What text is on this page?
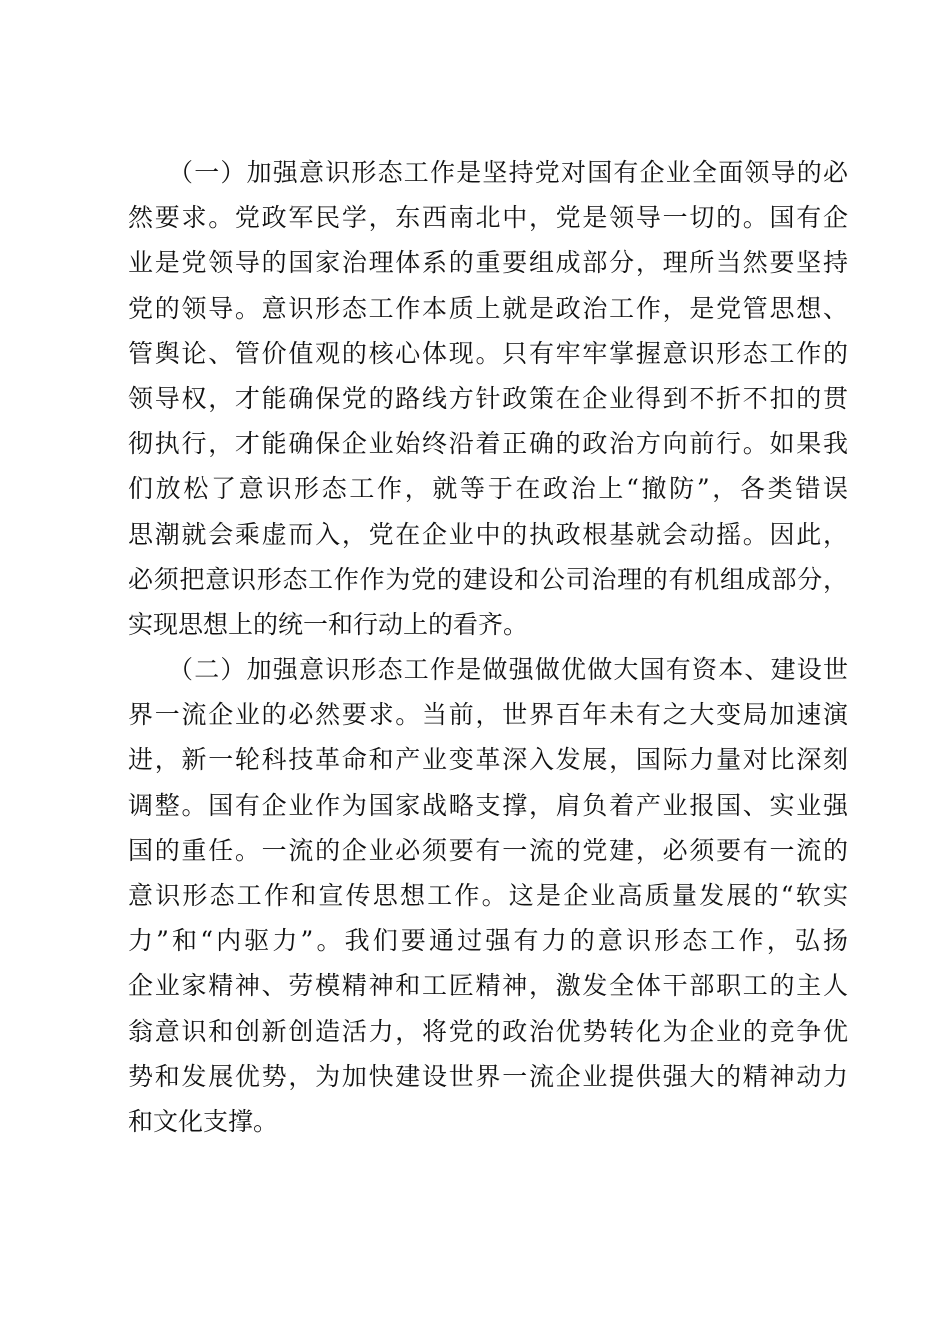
（一）加强意识形态工作是坚持党对国有企业全面领导的必
然要求。党政军民学，东西南北中，党是领导一切的。国有企
业是党领导的国家治理体系的重要组成部分，理所当然要坚持
党的领导。意识形态工作本质上就是政治工作，是党管思想、
管舆论、管价值观的核心体现。只有牢牢掌握意识形态工作的
领导权，才能确保党的路线方针政策在企业得到不折不扣的贯
彻执行，才能确保企业始终沿着正确的政治方向前行。如果我
们放松了意识形态工作，就等于在政治上“撤防”，各类错误
思潮就会乘虚而入，党在企业中的执政根基就会动摇。因此，
必须把意识形态工作作为党的建设和公司治理的有机组成部分，
实现思想上的统一和行动上的看齐。
（二）加强意识形态工作是做强做优做大国有资本、建设世
界一流企业的必然要求。当前，世界百年未有之大变局加速演
进，新一轮科技革命和产业变革深入发展，国际力量对比深刻
调整。国有企业作为国家战略支撑，肩负着产业报国、实业强
国的重任。一流的企业必须要有一流的党建，必须要有一流的
意识形态工作和宣传思想工作。这是企业高质量发展的“软实
力”和“内驱力”。我们要通过强有力的意识形态工作，弘扬
企业家精神、劳模精神和工匠精神，激发全体干部职工的主人
翁意识和创新创造活力，将党的政治优势转化为企业的竞争优
势和发展优势，为加快建设世界一流企业提供强大的精神动力
和文化支撑。
